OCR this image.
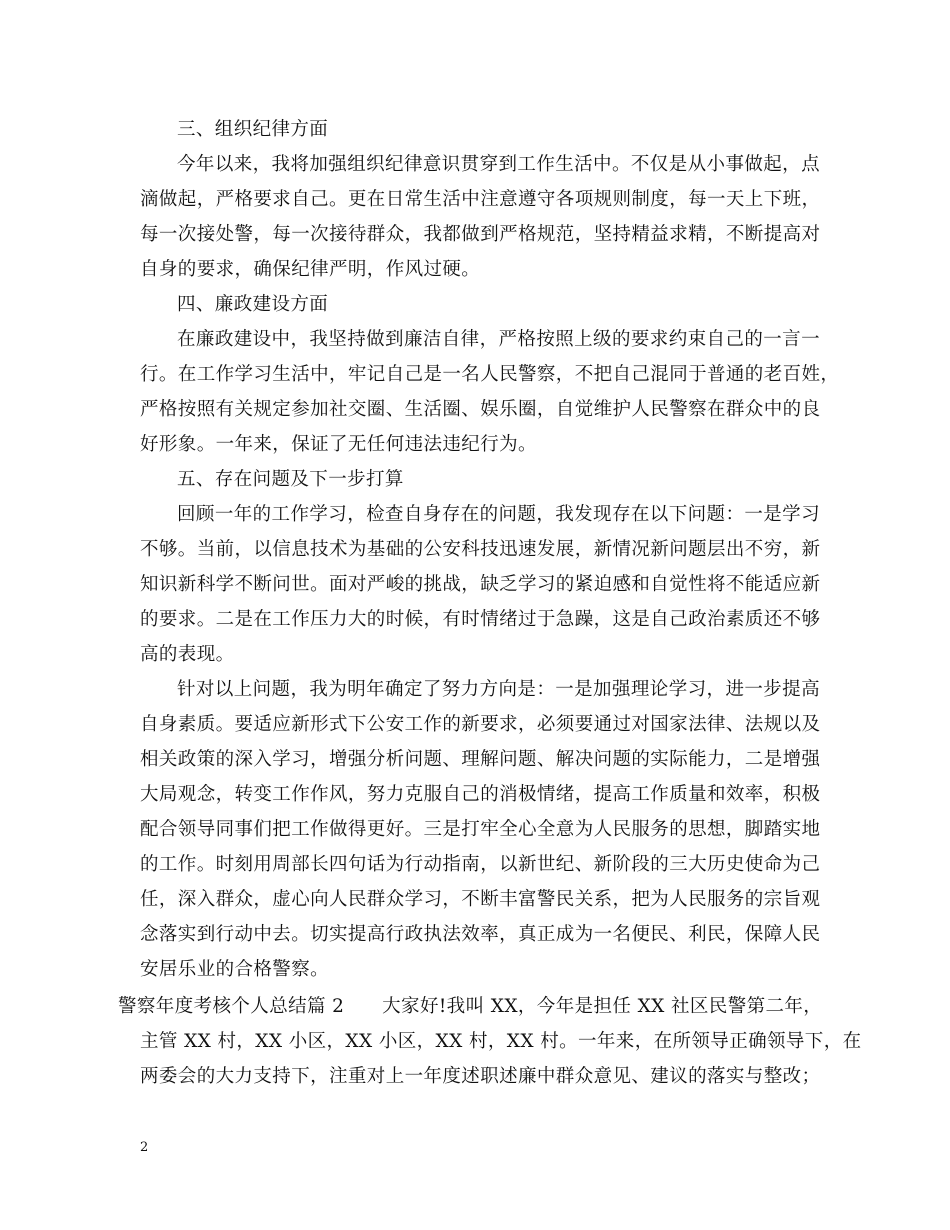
三、组织纪律方面
今年以来，我将加强组织纪律意识贯穿到工作生活中。不仅是从小事做起，点
滴做起，严格要求自己。更在日常生活中注意遵守各项规则制度，每一天上下班，
每一次接处警，每一次接待群众，我都做到严格规范，坚持精益求精，不断提高对
自身的要求，确保纪律严明，作风过硬。
四、廉政建设方面
在廉政建设中，我坚持做到廉洁自律，严格按照上级的要求约束自己的一言一
行。在工作学习生活中，牢记自己是一名人民警察，不把自己混同于普通的老百姓，
严格按照有关规定参加社交圈、生活圈、娱乐圈，自觉维护人民警察在群众中的良
好形象。一年来，保证了无任何违法违纪行为。
五、存在问题及下一步打算
回顾一年的工作学习，检查自身存在的问题，我发现存在以下问题：一是学习
不够。当前，以信息技术为基础的公安科技迅速发展，新情况新问题层出不穷，新
知识新科学不断问世。面对严峻的挑战，缺乏学习的紧迫感和自觉性将不能适应新
的要求。二是在工作压力大的时候，有时情绪过于急躁，这是自己政治素质还不够
高的表现。
针对以上问题，我为明年确定了努力方向是：一是加强理论学习，进一步提高
自身素质。要适应新形式下公安工作的新要求，必须要通过对国家法律、法规以及
相关政策的深入学习，增强分析问题、理解问题、解决问题的实际能力，二是增强
大局观念，转变工作作风，努力克服自己的消极情绪，提高工作质量和效率，积极
配合领导同事们把工作做得更好。三是打牢全心全意为人民服务的思想，脚踏实地
的工作。时刻用周部长四句话为行动指南，以新世纪、新阶段的三大历史使命为己
任，深入群众，虚心向人民群众学习，不断丰富警民关系，把为人民服务的宗旨观
念落实到行动中去。切实提高行政执法效率，真正成为一名便民、利民，保障人民
安居乐业的合格警察。
警察年度考核个人总结篇 2　　大家好!我叫 XX，今年是担任 XX 社区民警第二年，
主管 XX 村，XX 小区，XX 小区，XX 村，XX 村。一年来，在所领导正确领导下，在
两委会的大力支持下，注重对上一年度述职述廉中群众意见、建议的落实与整改；
2
